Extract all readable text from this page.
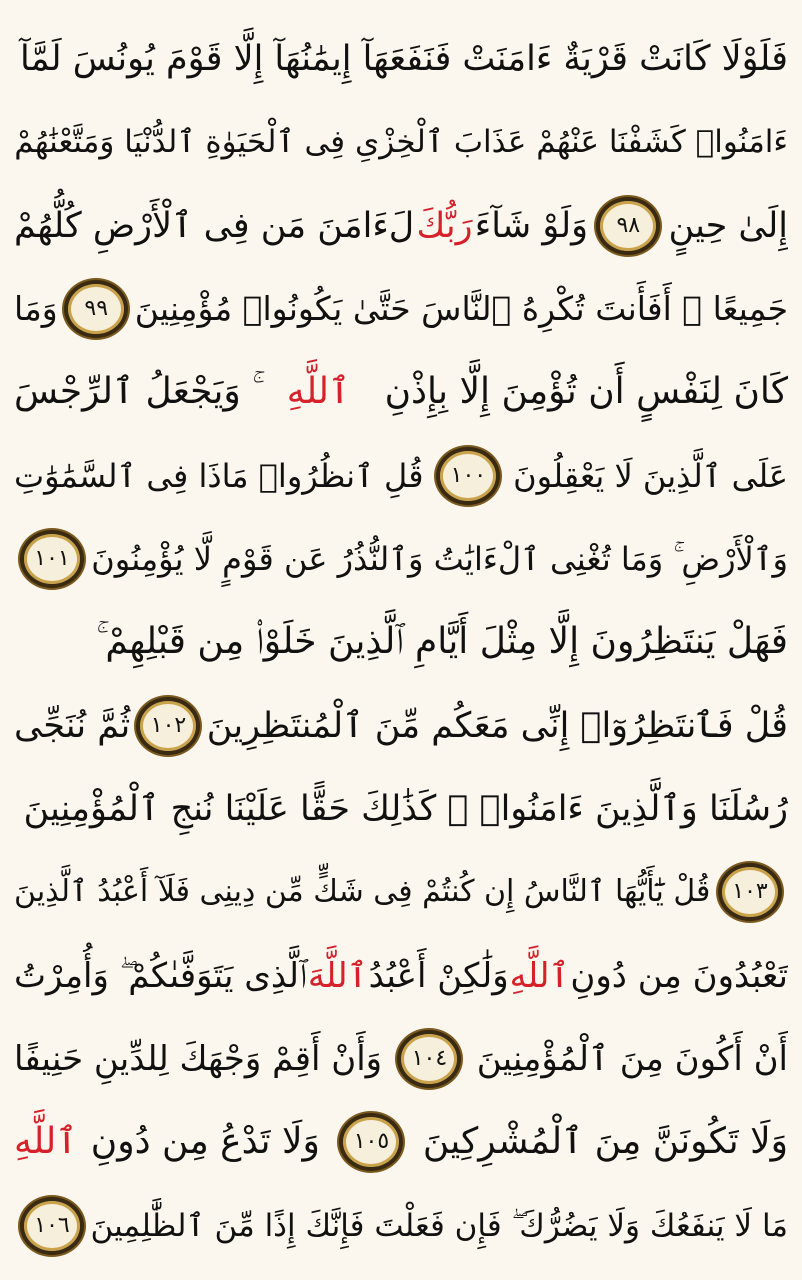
فَلَوْلَا كَانَتْ قَرْيَةٌ ءَامَنَتْ فَنَفَعَهَآ إِيمَٰنُهَآ إِلَّا قَوْمَ يُونُسَ لَمَّآ
ءَامَنُوا۟ كَشَفْنَا عَنْهُمْ عَذَابَ ٱلْخِزْىِ فِى ٱلْحَيَوٰةِ ٱلدُّنْيَا وَمَتَّعْنَٰهُمْ
إِلَىٰ حِينٍ
٩٨
وَلَوْ شَآءَ
رَبُّكَ
لَءَامَنَ مَن فِى ٱلْأَرْضِ كُلُّهُمْ
جَمِيعًا ۚ أَفَأَنتَ تُكْرِهُ ٱلنَّاسَ حَتَّىٰ يَكُونُوا۟ مُؤْمِنِينَ
٩٩
وَمَا
كَانَ لِنَفْسٍ أَن تُؤْمِنَ إِلَّا بِإِذْنِ
ٱللَّهِ
ۚ وَيَجْعَلُ ٱلرِّجْسَ
عَلَى ٱلَّذِينَ لَا يَعْقِلُونَ
١٠٠
قُلِ ٱنظُرُوا۟ مَاذَا فِى ٱلسَّمَٰوَٰتِ
وَٱلْأَرْضِ ۚ وَمَا تُغْنِى ٱلْءَايَٰتُ وَٱلنُّذُرُ عَن قَوْمٍ لَّا يُؤْمِنُونَ
١٠١
فَهَلْ يَنتَظِرُونَ إِلَّا مِثْلَ أَيَّامِ ٱلَّذِينَ خَلَوْا۟ مِن قَبْلِهِمْ ۚ
قُلْ فَٱنتَظِرُوٓا۟ إِنِّى مَعَكُم مِّنَ ٱلْمُنتَظِرِينَ
١٠٢
ثُمَّ نُنَجِّى
رُسُلَنَا وَٱلَّذِينَ ءَامَنُوا۟ ۚ كَذَٰلِكَ حَقًّا عَلَيْنَا نُنجِ ٱلْمُؤْمِنِينَ
١٠٣
قُلْ يَٰٓأَيُّهَا ٱلنَّاسُ إِن كُنتُمْ فِى شَكٍّ مِّن دِينِى فَلَآ أَعْبُدُ ٱلَّذِينَ
تَعْبُدُونَ مِن دُونِ
ٱللَّهِ
وَلَٰكِنْ أَعْبُدُ
ٱللَّهَ
ٱلَّذِى يَتَوَفَّىٰكُمْ ۖ وَأُمِرْتُ
أَنْ أَكُونَ مِنَ ٱلْمُؤْمِنِينَ
١٠٤
وَأَنْ أَقِمْ وَجْهَكَ لِلدِّينِ حَنِيفًا
وَلَا تَكُونَنَّ مِنَ ٱلْمُشْرِكِينَ
١٠٥
وَلَا تَدْعُ مِن دُونِ
ٱللَّهِ
مَا لَا يَنفَعُكَ وَلَا يَضُرُّكَ ۖ فَإِن فَعَلْتَ فَإِنَّكَ إِذًا مِّنَ ٱلظَّٰلِمِينَ
١٠٦
